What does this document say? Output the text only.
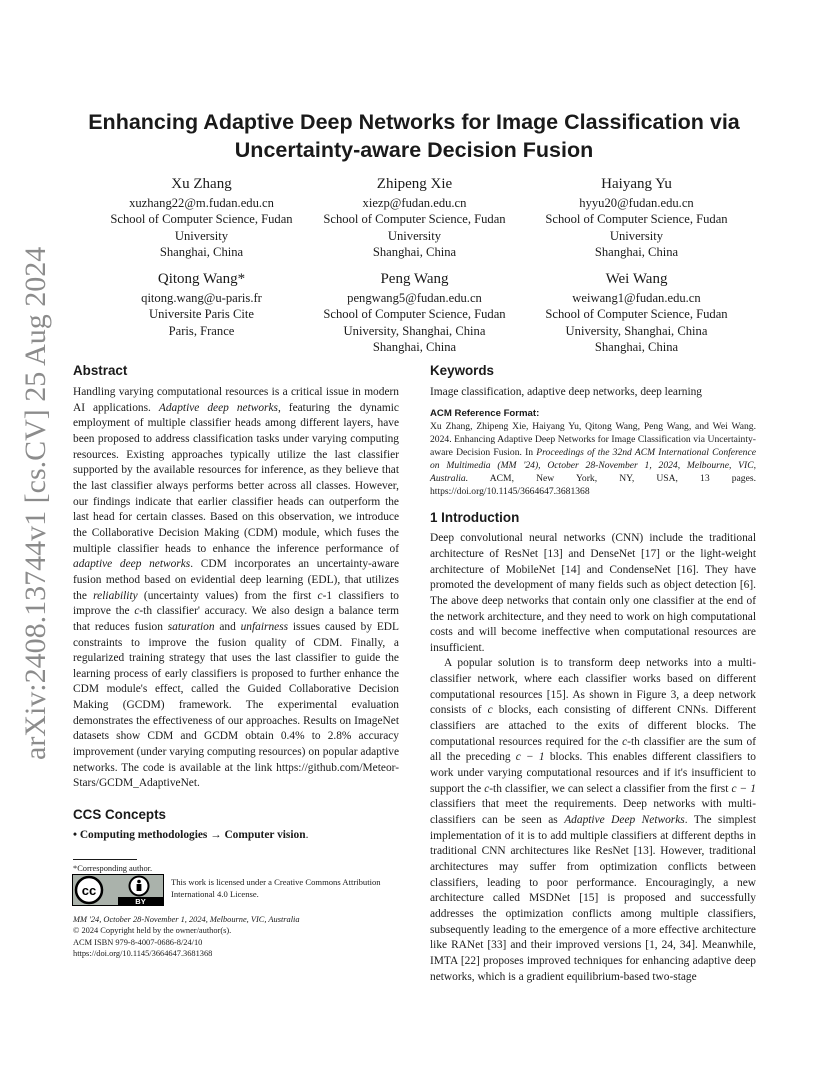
arXiv:2408.13744v1 [cs.CV] 25 Aug 2024
Enhancing Adaptive Deep Networks for Image Classification via Uncertainty-aware Decision Fusion
Xu Zhang
xuzhang22@m.fudan.edu.cn
School of Computer Science, Fudan
University
Shanghai, China
Zhipeng Xie
xiezp@fudan.edu.cn
School of Computer Science, Fudan
University
Shanghai, China
Haiyang Yu
hyyu20@fudan.edu.cn
School of Computer Science, Fudan
University
Shanghai, China
Qitong Wang*
qitong.wang@u-paris.fr
Universite Paris Cite
Paris, France
Peng Wang
pengwang5@fudan.edu.cn
School of Computer Science, Fudan
University, Shanghai, China
Shanghai, China
Wei Wang
weiwang1@fudan.edu.cn
School of Computer Science, Fudan
University, Shanghai, China
Shanghai, China
Abstract

Handling varying computational resources is a critical issue in modern AI applications. Adaptive deep networks, featuring the dynamic employment of multiple classifier heads among different layers, have been proposed to address classification tasks under varying computing resources. Existing approaches typically utilize the last classifier supported by the available resources for inference, as they believe that the last classifier always performs better across all classes. However, our findings indicate that earlier classifier heads can outperform the last head for certain classes. Based on this observation, we introduce the Collaborative Decision Making (CDM) module, which fuses the multiple classifier heads to enhance the inference performance of adaptive deep networks. CDM incorporates an uncertainty-aware fusion method based on evidential deep learning (EDL), that utilizes the reliability (uncertainty values) from the first c-1 classifiers to improve the c-th classifier' accuracy. We also design a balance term that reduces fusion saturation and unfairness issues caused by EDL constraints to improve the fusion quality of CDM. Finally, a regularized training strategy that uses the last classifier to guide the learning process of early classifiers is proposed to further enhance the CDM module's effect, called the Guided Collaborative Decision Making (GCDM) framework. The experimental evaluation demonstrates the effectiveness of our approaches. Results on ImageNet datasets show CDM and GCDM obtain 0.4% to 2.8% accuracy improvement (under varying computing resources) on popular adaptive networks. The code is available at the link https://github.com/Meteor-Stars/GCDM_AdaptiveNet.

CCS Concepts

• Computing methodologies → Computer vision.

*Corresponding author.
cc
BY
This work is licensed under a Creative Commons Attribution International 4.0 License.
MM '24, October 28-November 1, 2024, Melbourne, VIC, Australia
© 2024 Copyright held by the owner/author(s).
ACM ISBN 979-8-4007-0686-8/24/10
https://doi.org/10.1145/3664647.3681368
Keywords

Image classification, adaptive deep networks, deep learning

ACM Reference Format:

Xu Zhang, Zhipeng Xie, Haiyang Yu, Qitong Wang, Peng Wang, and Wei Wang. 2024. Enhancing Adaptive Deep Networks for Image Classification via Uncertainty-aware Decision Fusion. In Proceedings of the 32nd ACM International Conference on Multimedia (MM '24), October 28-November 1, 2024, Melbourne, VIC, Australia. ACM, New York, NY, USA, 13 pages. https://doi.org/10.1145/3664647.3681368

1 Introduction

Deep convolutional neural networks (CNN) include the traditional architecture of ResNet [13] and DenseNet [17] or the light-weight architecture of MobileNet [14] and CondenseNet [16]. They have promoted the development of many fields such as object detection [6]. The above deep networks that contain only one classifier at the end of the network architecture, and they need to work on high computational costs and will become ineffective when computational resources are insufficient.

A popular solution is to transform deep networks into a multi-classifier network, where each classifier works based on different computational resources [15]. As shown in Figure 3, a deep network consists of c blocks, each consisting of different CNNs. Different classifiers are attached to the exits of different blocks. The computational resources required for the c-th classifier are the sum of all the preceding c − 1 blocks. This enables different classifiers to work under varying computational resources and if it's insufficient to support the c-th classifier, we can select a classifier from the first c − 1 classifiers that meet the requirements. Deep networks with multi-classifiers can be seen as Adaptive Deep Networks. The simplest implementation of it is to add multiple classifiers at different depths in traditional CNN architectures like ResNet [13]. However, traditional architectures may suffer from optimization conflicts between classifiers, leading to poor performance. Encouragingly, a new architecture called MSDNet [15] is proposed and successfully addresses the optimization conflicts among multiple classifiers, subsequently leading to the emergence of a more effective architecture like RANet [33] and their improved versions [1, 24, 34]. Meanwhile, IMTA [22] proposes improved techniques for enhancing adaptive deep networks, which is a gradient equilibrium-based two-stage
